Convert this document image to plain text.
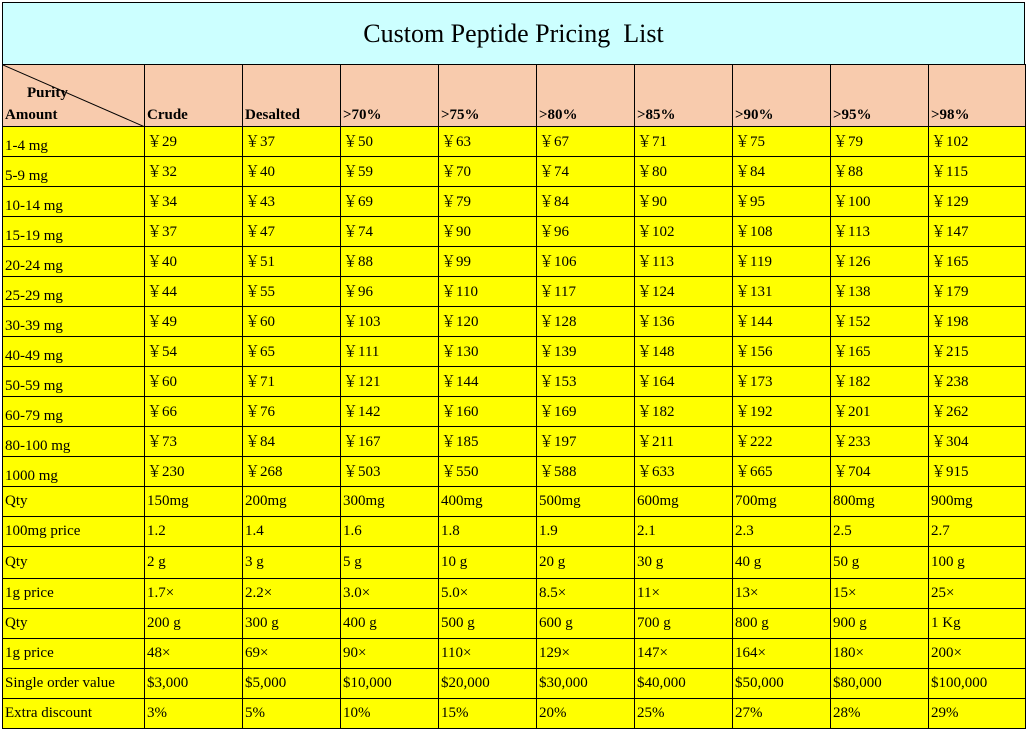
Custom Peptide Pricing  List
Purity
Amount	Crude	Desalted	>70%	>75%	>80%	>85%	>90%	>95%	>98%
1-4 mg	￥29	￥37	￥50	￥63	￥67	￥71	￥75	￥79	￥102
5-9 mg	￥32	￥40	￥59	￥70	￥74	￥80	￥84	￥88	￥115
10-14 mg	￥34	￥43	￥69	￥79	￥84	￥90	￥95	￥100	￥129
15-19 mg	￥37	￥47	￥74	￥90	￥96	￥102	￥108	￥113	￥147
20-24 mg	￥40	￥51	￥88	￥99	￥106	￥113	￥119	￥126	￥165
25-29 mg	￥44	￥55	￥96	￥110	￥117	￥124	￥131	￥138	￥179
30-39 mg	￥49	￥60	￥103	￥120	￥128	￥136	￥144	￥152	￥198
40-49 mg	￥54	￥65	￥111	￥130	￥139	￥148	￥156	￥165	￥215
50-59 mg	￥60	￥71	￥121	￥144	￥153	￥164	￥173	￥182	￥238
60-79 mg	￥66	￥76	￥142	￥160	￥169	￥182	￥192	￥201	￥262
80-100 mg	￥73	￥84	￥167	￥185	￥197	￥211	￥222	￥233	￥304
1000 mg	￥230	￥268	￥503	￥550	￥588	￥633	￥665	￥704	￥915
Qty	150mg	200mg	300mg	400mg	500mg	600mg	700mg	800mg	900mg
100mg price	1.2	1.4	1.6	1.8	1.9	2.1	2.3	2.5	2.7
Qty	2 g	3 g	5 g	10 g	20 g	30 g	40 g	50 g	100 g
1g price	1.7×	2.2×	3.0×	5.0×	8.5×	11×	13×	15×	25×
Qty	200 g	300 g	400 g	500 g	600 g	700 g	800 g	900 g	1 Kg
1g price	48×	69×	90×	110×	129×	147×	164×	180×	200×
Single order value	$3,000	$5,000	$10,000	$20,000	$30,000	$40,000	$50,000	$80,000	$100,000
Extra discount	3%	5%	10%	15%	20%	25%	27%	28%	29%
